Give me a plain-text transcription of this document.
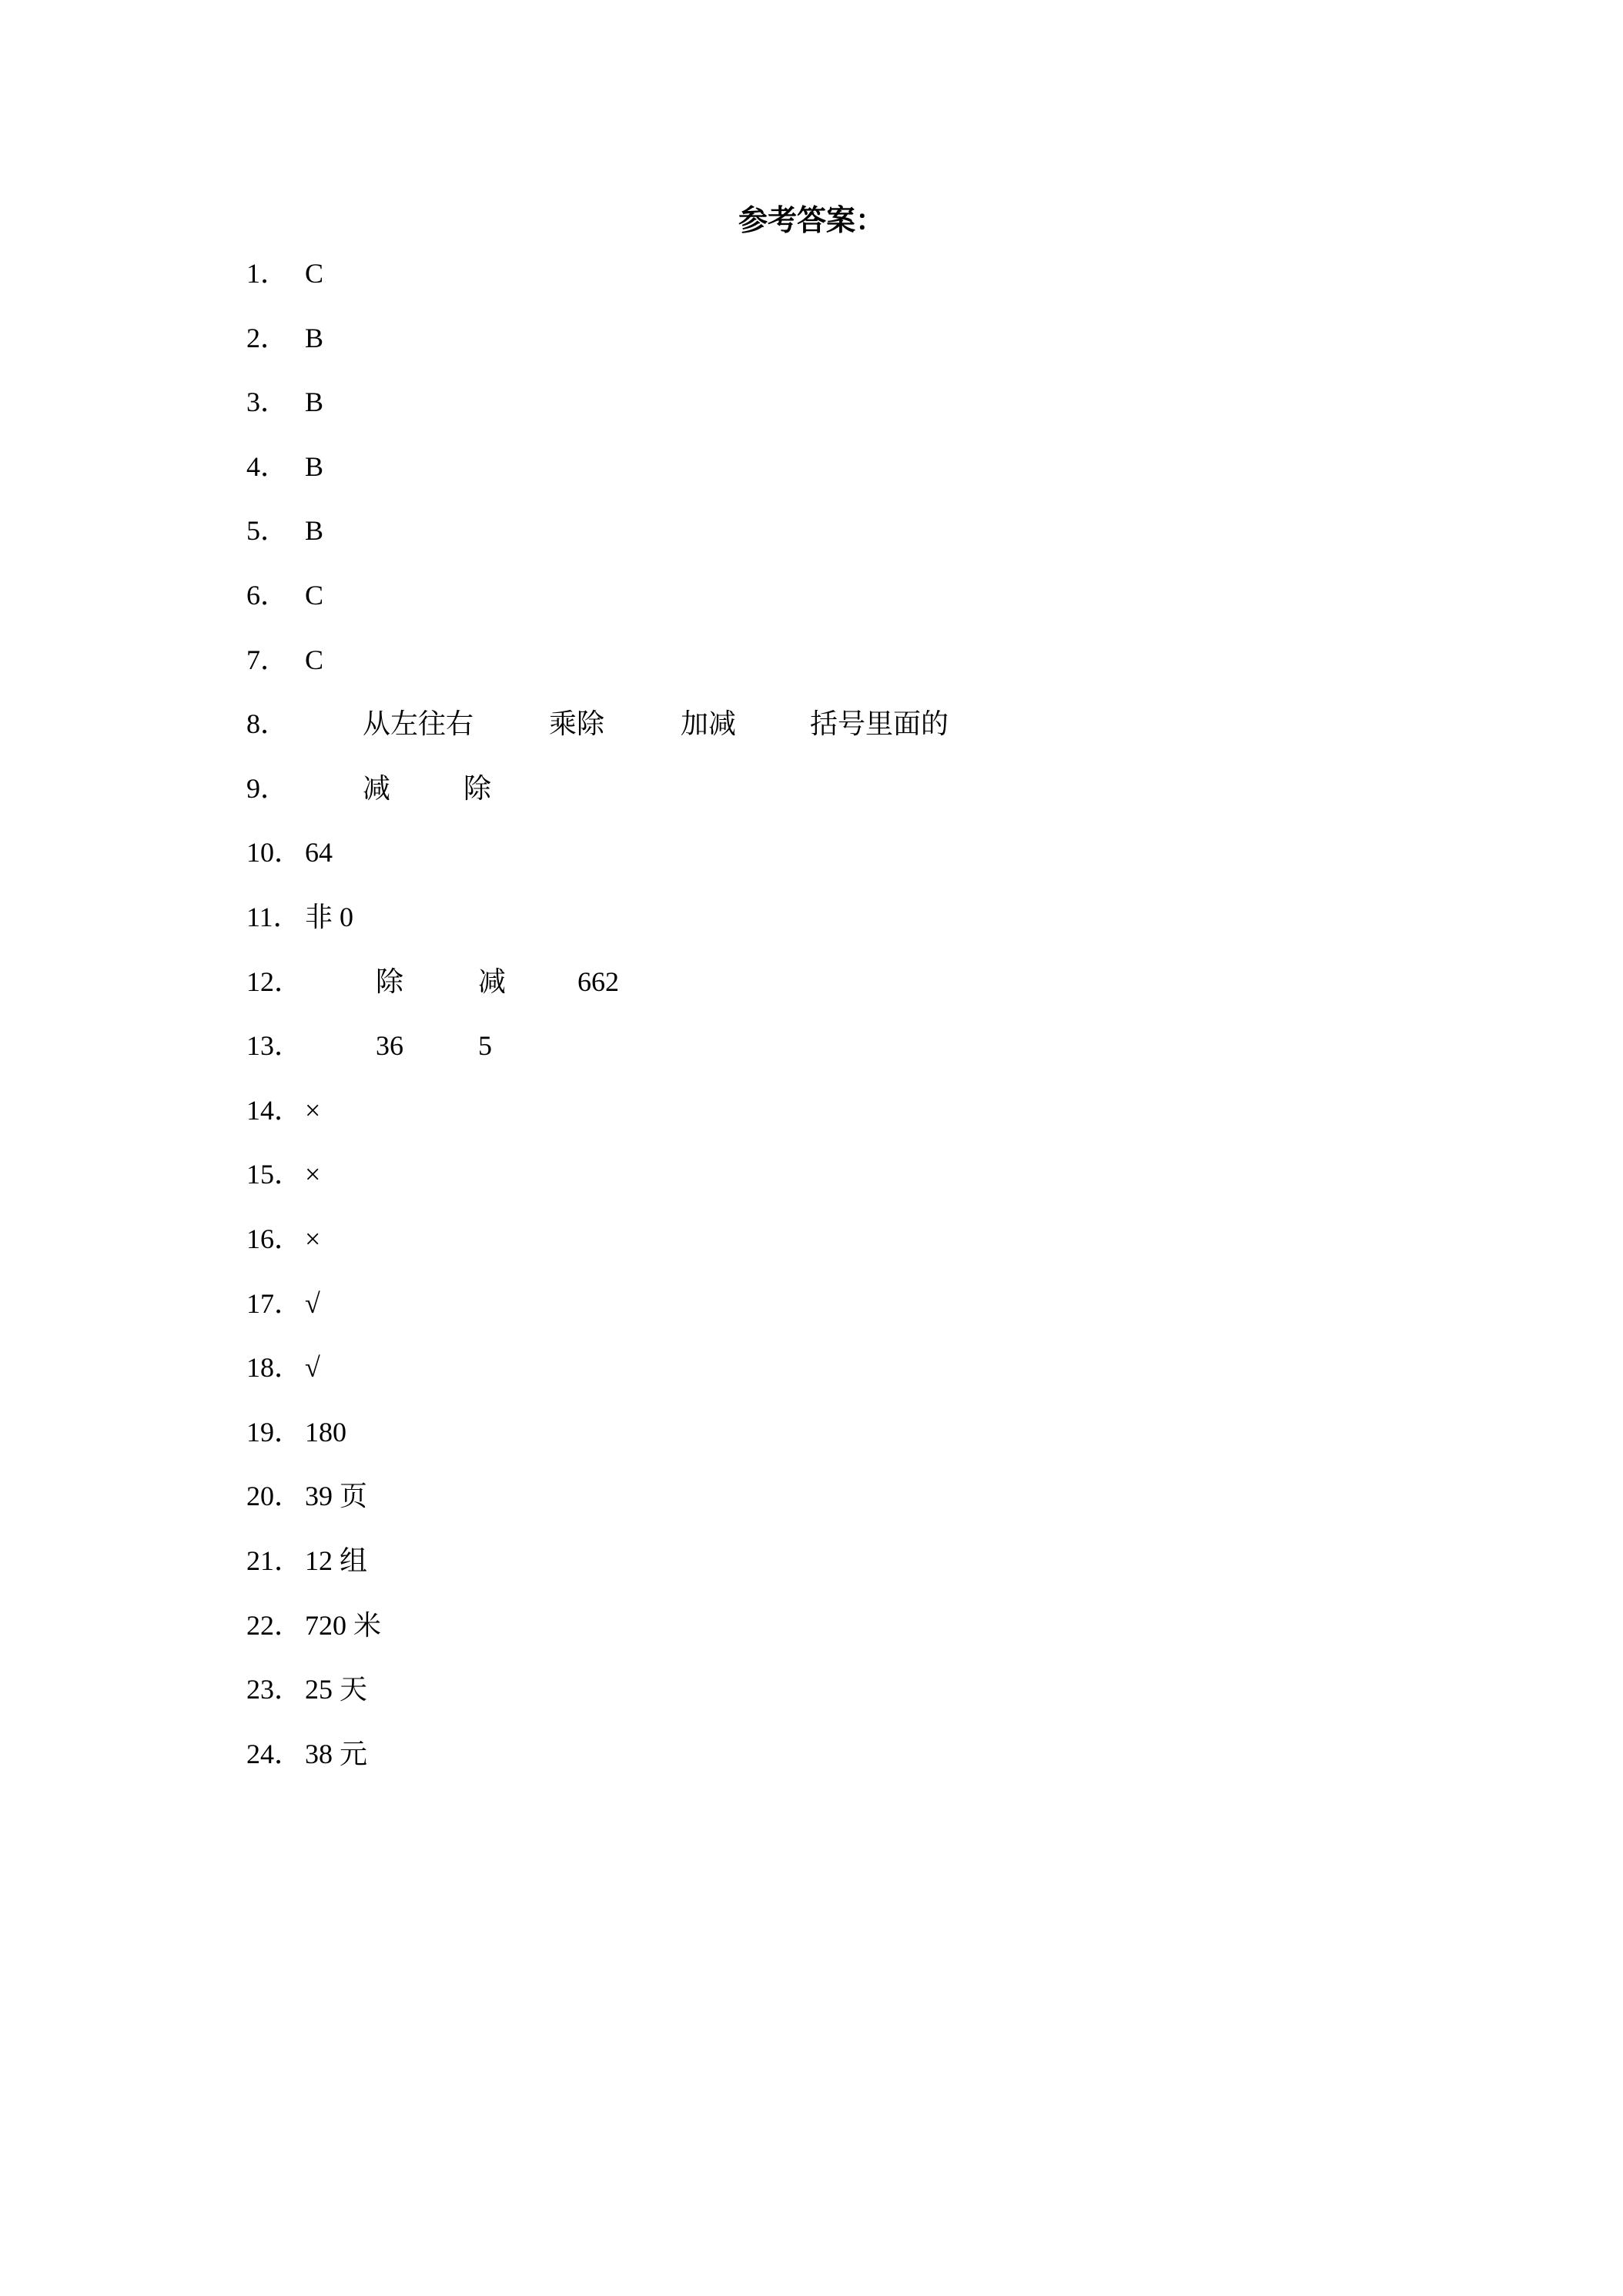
参考答案：
1． C
2． B
3． B
4． B
5． B
6． C
7． C
8．	从左往右	乘除	加减	括号里面的
9．	减	除
10． 64
11． 非 0
12．	除	减	662
13．	36	5
14． ×
15． ×
16． ×
17． √
18． √
19． 180
20． 39 页
21． 12 组
22． 720 米
23． 25 天
24． 38 元
